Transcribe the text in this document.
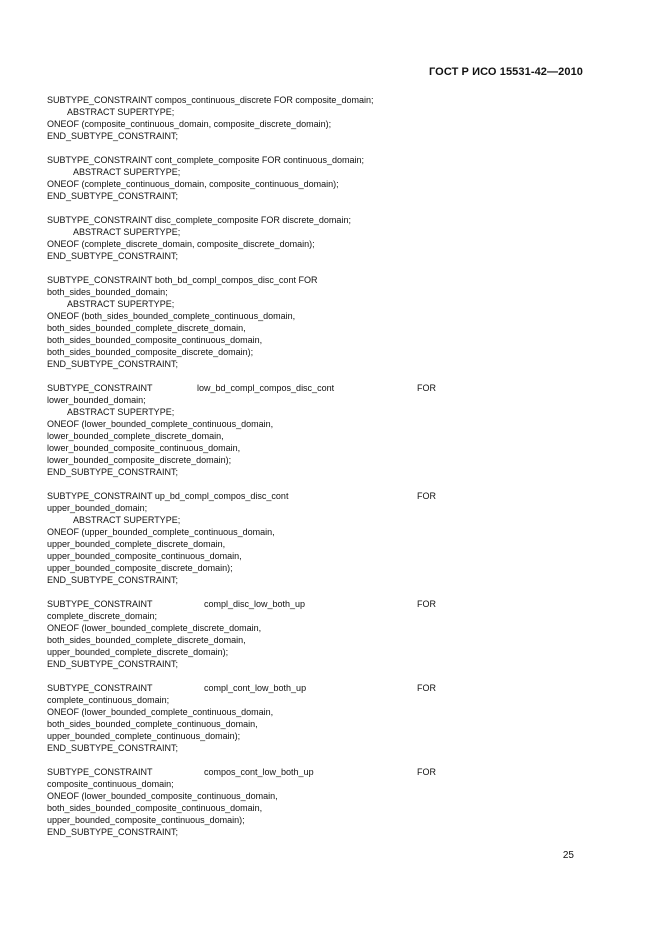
ГОСТ Р ИСО 15531-42—2010
SUBTYPE_CONSTRAINT compos_continuous_discrete FOR composite_domain;
ABSTRACT SUPERTYPE;
ONEOF (composite_continuous_domain, composite_discrete_domain);
END_SUBTYPE_CONSTRAINT;
SUBTYPE_CONSTRAINT cont_complete_composite FOR continuous_domain;
ABSTRACT SUPERTYPE;
ONEOF (complete_continuous_domain, composite_continuous_domain);
END_SUBTYPE_CONSTRAINT;
SUBTYPE_CONSTRAINT disc_complete_composite FOR discrete_domain;
ABSTRACT SUPERTYPE;
ONEOF (complete_discrete_domain, composite_discrete_domain);
END_SUBTYPE_CONSTRAINT;
SUBTYPE_CONSTRAINT both_bd_compl_compos_disc_cont FOR
both_sides_bounded_domain;
ABSTRACT SUPERTYPE;
ONEOF (both_sides_bounded_complete_continuous_domain,
both_sides_bounded_complete_discrete_domain,
both_sides_bounded_composite_continuous_domain,
both_sides_bounded_composite_discrete_domain);
END_SUBTYPE_CONSTRAINT;
SUBTYPE_CONSTRAINT	low_bd_compl_compos_disc_cont	FOR
lower_bounded_domain;
ABSTRACT SUPERTYPE;
ONEOF (lower_bounded_complete_continuous_domain,
lower_bounded_complete_discrete_domain,
lower_bounded_composite_continuous_domain,
lower_bounded_composite_discrete_domain);
END_SUBTYPE_CONSTRAINT;
SUBTYPE_CONSTRAINT up_bd_compl_compos_disc_cont	FOR
upper_bounded_domain;
ABSTRACT SUPERTYPE;
ONEOF (upper_bounded_complete_continuous_domain,
upper_bounded_complete_discrete_domain,
upper_bounded_composite_continuous_domain,
upper_bounded_composite_discrete_domain);
END_SUBTYPE_CONSTRAINT;
SUBTYPE_CONSTRAINT	compl_disc_low_both_up	FOR
complete_discrete_domain;
ONEOF (lower_bounded_complete_discrete_domain,
both_sides_bounded_complete_discrete_domain,
upper_bounded_complete_discrete_domain);
END_SUBTYPE_CONSTRAINT;
SUBTYPE_CONSTRAINT	compl_cont_low_both_up	FOR
complete_continuous_domain;
ONEOF (lower_bounded_complete_continuous_domain,
both_sides_bounded_complete_continuous_domain,
upper_bounded_complete_continuous_domain);
END_SUBTYPE_CONSTRAINT;
SUBTYPE_CONSTRAINT	compos_cont_low_both_up	FOR
composite_continuous_domain;
ONEOF (lower_bounded_composite_continuous_domain,
both_sides_bounded_composite_continuous_domain,
upper_bounded_composite_continuous_domain);
END_SUBTYPE_CONSTRAINT;
25
